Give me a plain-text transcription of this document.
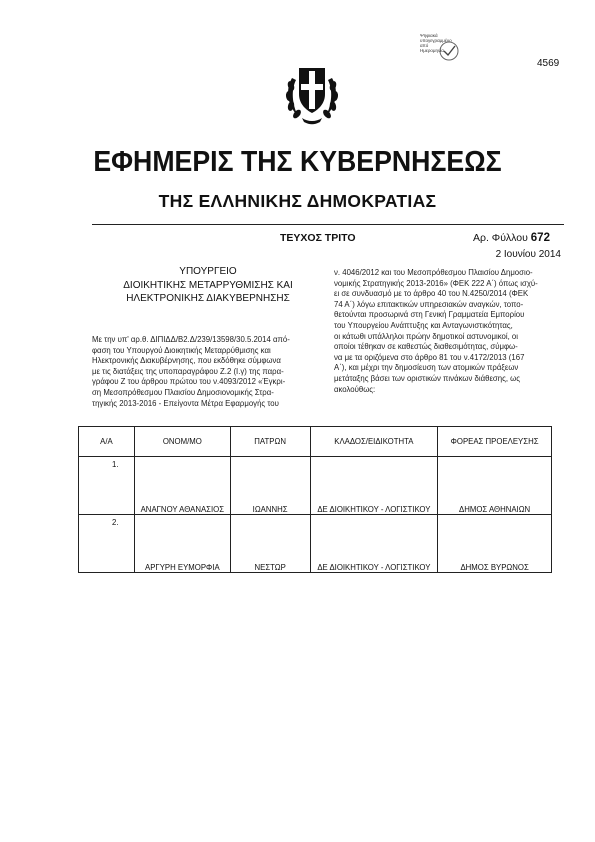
Ψηφιακά
υπογεγραμμένο
από
Ημερομηνία
4569
ΕΦΗΜΕΡΙΣ ΤΗΣ ΚΥΒΕΡΝΗΣΕΩΣ
ΤΗΣ ΕΛΛΗΝΙΚΗΣ ΔΗΜΟΚΡΑΤΙΑΣ
ΤΕΥΧΟΣ ΤΡΙΤΟ	Αρ. Φύλλου 672
2 Ιουνίου 2014
ΥΠΟΥΡΓΕΙΟ
ΔΙΟΙΚΗΤΙΚΗΣ ΜΕΤΑΡΡΥΘΜΙΣΗΣ ΚΑΙ
ΗΛΕΚΤΡΟΝΙΚΗΣ ΔΙΑΚΥΒΕΡΝΗΣΗΣ
Με την υπ' αρ.θ. ΔΙΠΙΔΔ/Β2.Δ/239/13598/30.5.2014 από-
φαση του Υπουργού Διοικητικής Μεταρρύθμισης και
Ηλεκτρονικής Διακυβέρνησης, που εκδόθηκε σύμφωνα
με τις διατάξεις της υποπαραγράφου Ζ.2 (Ι.γ) της παρα-
γράφου Ζ του άρθρου πρώτου του ν.4093/2012 «Έγκρι-
ση Μεσοπρόθεσμου Πλαισίου Δημοσιονομικής Στρα-
τηγικής 2013-2016 - Επείγοντα Μέτρα Εφαρμογής του
ν. 4046/2012 και του Μεσοπρόθεσμου Πλαισίου Δημοσιο-
νομικής Στρατηγικής 2013-2016» (ΦΕΚ 222 Α΄) όπως ισχύ-
ει σε συνδυασμό με το άρθρο 40 του Ν.4250/2014 (ΦΕΚ
74 Α΄) λόγω επιτακτικών υπηρεσιακών αναγκών, τοπο-
θετούνται προσωρινά στη Γενική Γραμματεία Εμπορίου
του Υπουργείου Ανάπτυξης και Ανταγωνιστικότητας,
οι κάτωθι υπάλληλοι πρώην δημοτικοί αστυνομικοί, οι
οποίοι τέθηκαν σε καθεστώς διαθεσιμότητας, σύμφω-
να με τα οριζόμενα στο άρθρο 81 του ν.4172/2013 (167
Α΄), και μέχρι την δημοσίευση των ατομικών πράξεων
μετάταξης βάσει των οριστικών πινάκων διάθεσης, ως
ακολούθως:
Α/Α	ΟΝΟΜ/ΜΟ	ΠΑΤΡΩΝ	ΚΛΑΔΟΣ/ΕΙΔΙΚΟΤΗΤΑ	ΦΟΡΕΑΣ ΠΡΟΕΛΕΥΣΗΣ
1.	ΑΝΑΓΝΟΥ ΑΘΑΝΑΣΙΟΣ	ΙΩΑΝΝΗΣ	ΔΕ ΔΙΟΙΚΗΤΙΚΟΥ - ΛΟΓΙΣΤΙΚΟΥ	ΔΗΜΟΣ ΑΘΗΝΑΙΩΝ
2.	ΑΡΓΥΡΗ ΕΥΜΟΡΦΙΑ	ΝΕΣΤΩΡ	ΔΕ ΔΙΟΙΚΗΤΙΚΟΥ - ΛΟΓΙΣΤΙΚΟΥ	ΔΗΜΟΣ ΒΥΡΩΝΟΣ
